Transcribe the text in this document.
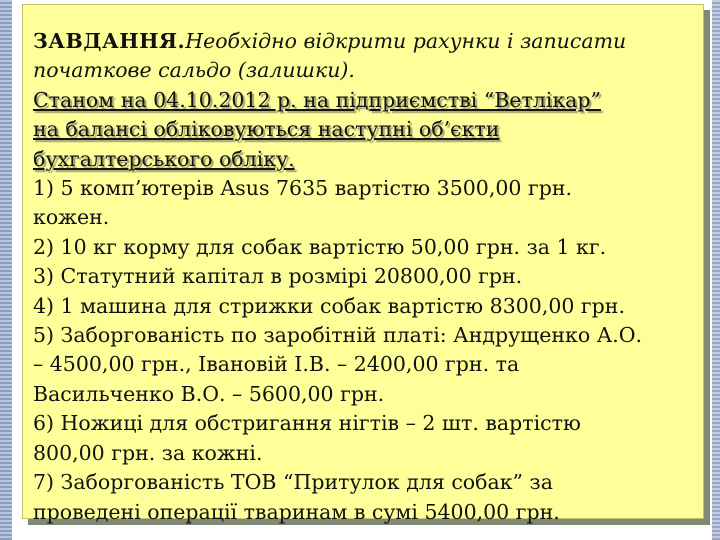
ЗАВДАННЯ.Необхідно відкрити рахунки і записати

початкове сальдо (залишки).

Станом на 04.10.2012 р. на підприємстві “Ветлікар”

на балансі обліковуються наступні об’єкти

бухгалтерського обліку.

1) 5 комп’ютерів Asus 7635 вартістю 3500,00 грн.

кожен.

2) 10 кг корму для собак вартістю 50,00 грн. за 1 кг.

3) Статутний капітал в розмірі 20800,00 грн.

4) 1 машина для стрижки собак вартістю 8300,00 грн.

5) Заборгованість по заробітній платі: Андрущенко А.О.

– 4500,00 грн., Івановій І.В. – 2400,00 грн. та

Васильченко В.О. – 5600,00 грн.

6) Ножиці для обстригання нігтів – 2 шт. вартістю

800,00 грн. за кожні.

7) Заборгованість ТОВ “Притулок для собак” за

проведені операції тваринам в сумі 5400,00 грн.
